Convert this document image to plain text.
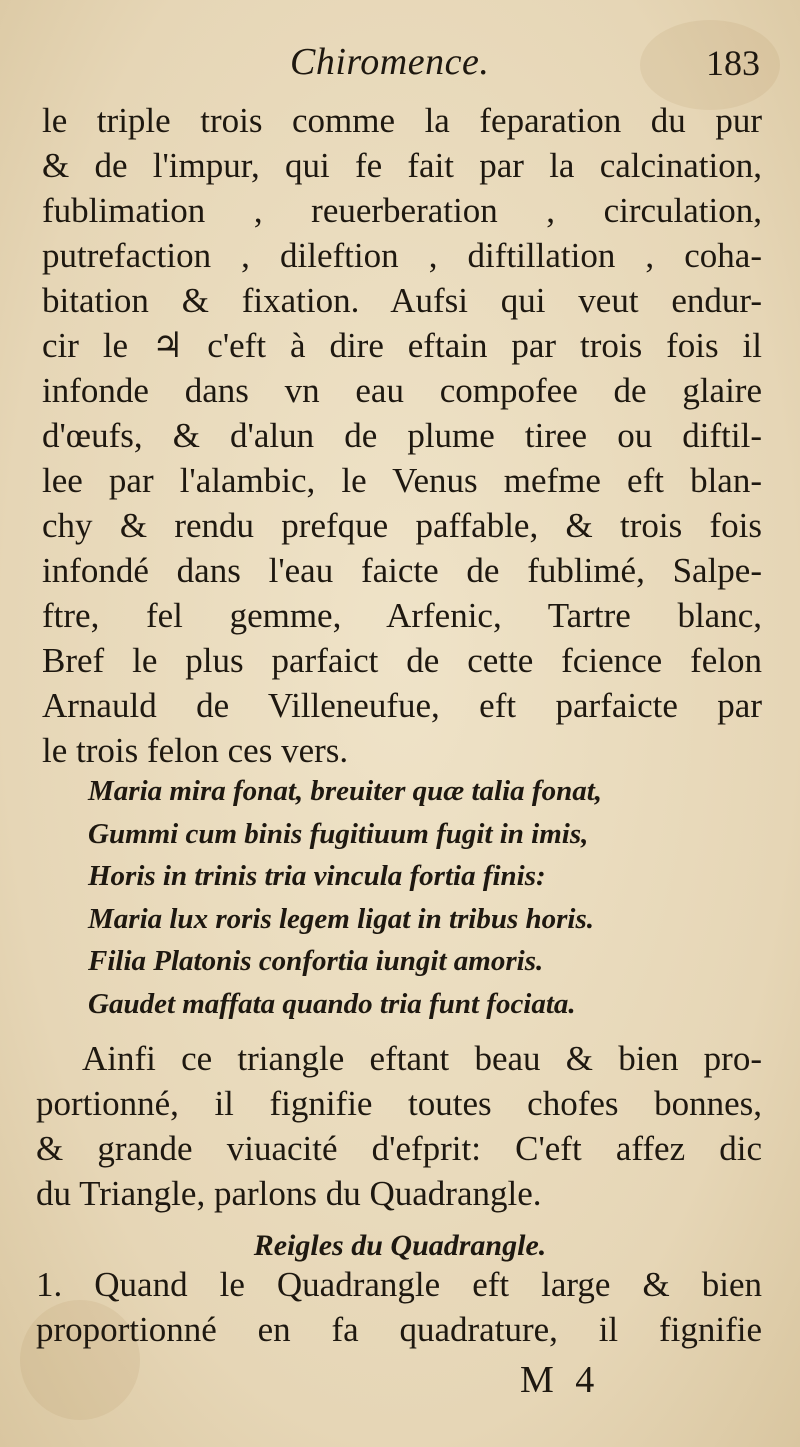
Chiromence.	183
le triple trois comme la feparation du pur
& de l'impur, qui fe fait par la calcination,
fublimation , reuerberation , circulation,
putrefaction , dileftion , diftillation , coha-
bitation & fixation. Aufsi qui veut endur-
cir le ♃ c'eft à dire eftain par trois fois il
infonde dans vn eau compofee de glaire
d'œufs, & d'alun de plume tiree ou diftil-
lee par l'alambic, le Venus mefme eft blan-
chy & rendu prefque paffable, & trois fois
infondé dans l'eau faicte de fublimé, Salpe-
ftre, fel gemme, Arfenic, Tartre blanc,
Bref le plus parfaict de cette fcience felon
Arnauld de Villeneufue, eft parfaicte par
le trois felon ces vers.
Maria mira fonat, breuiter quæ talia fonat,
Gummi cum binis fugitiuum fugit in imis,
Horis in trinis tria vincula fortia finis:
Maria lux roris legem ligat in tribus horis.
Filia Platonis confortia iungit amoris.
Gaudet maffata quando tria funt fociata.
Ainfi ce triangle eftant beau & bien pro-
portionné, il fignifie toutes chofes bonnes,
& grande viuacité d'efprit: C'eft affez dic
du Triangle, parlons du Quadrangle.
Reigles du Quadrangle.
1. Quand le Quadrangle eft large & bien
proportionné en fa quadrature, il fignifie
M 4
